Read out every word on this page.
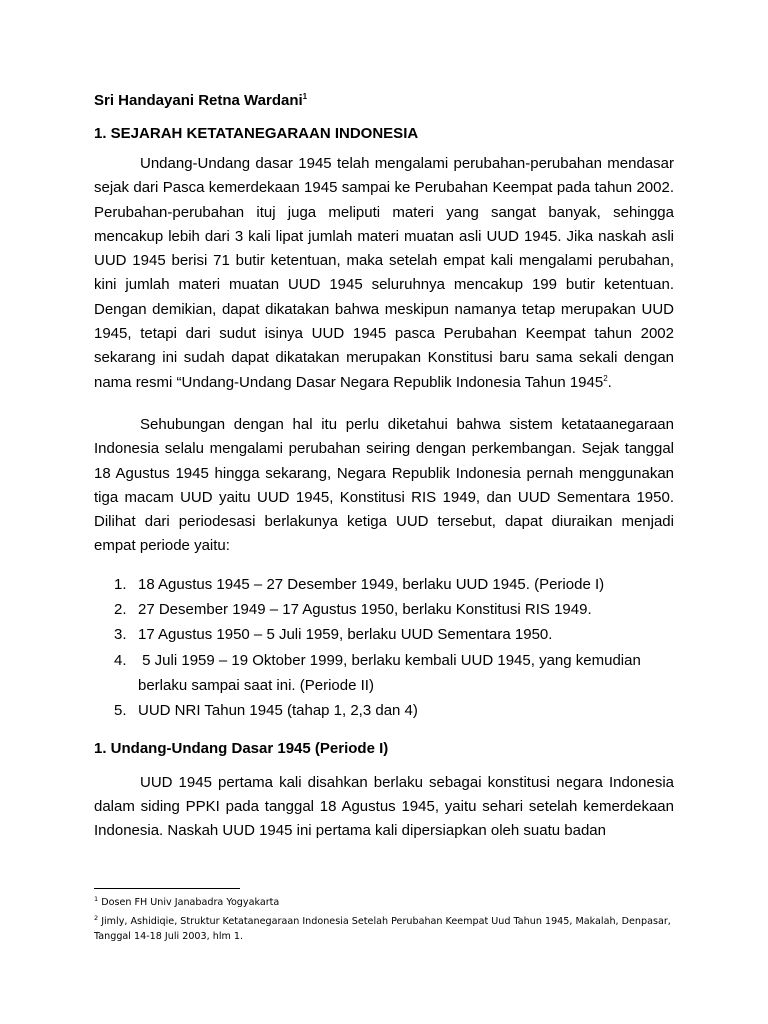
Sri Handayani Retna Wardani$^1$

1. SEJARAH KETATANEGARAAN INDONESIA

Undang-Undang dasar 1945 telah mengalami perubahan-perubahan mendasar sejak dari Pasca kemerdekaan 1945 sampai ke Perubahan Keempat pada tahun 2002. Perubahan-perubahan ituj juga meliputi materi yang sangat banyak, sehingga mencakup lebih dari 3 kali lipat jumlah materi muatan asli UUD 1945. Jika naskah asli UUD 1945 berisi 71 butir ketentuan, maka setelah empat kali mengalami perubahan, kini jumlah materi muatan UUD 1945 seluruhnya mencakup 199 butir ketentuan. Dengan demikian, dapat dikatakan bahwa meskipun namanya tetap merupakan UUD 1945, tetapi dari sudut isinya UUD 1945 pasca Perubahan Keempat tahun 2002 sekarang ini sudah dapat dikatakan merupakan Konstitusi baru sama sekali dengan nama resmi “Undang-Undang Dasar Negara Republik Indonesia Tahun 1945$^2$.

Sehubungan dengan hal itu perlu diketahui bahwa sistem ketataanegaraan Indonesia selalu mengalami perubahan seiring dengan perkembangan. Sejak tanggal 18 Agustus 1945 hingga sekarang, Negara Republik Indonesia pernah menggunakan tiga macam UUD yaitu UUD 1945, Konstitusi RIS 1949, dan UUD Sementara 1950. Dilihat dari periodesasi berlakunya ketiga UUD tersebut, dapat diuraikan menjadi empat periode yaitu:

1. 18 Agustus 1945 – 27 Desember 1949, berlaku UUD 1945. (Periode I)
2. 27 Desember 1949 – 17 Agustus 1950, berlaku Konstitusi RIS 1949.
3. 17 Agustus 1950 – 5 Juli 1959, berlaku UUD Sementara 1950.
4. 5 Juli 1959 – 19 Oktober 1999, berlaku kembali UUD 1945, yang kemudian berlaku sampai saat ini. (Periode II)
5. UUD NRI Tahun 1945 (tahap 1, 2,3 dan 4)

1. Undang-Undang Dasar 1945 (Periode I)

UUD 1945 pertama kali disahkan berlaku sebagai konstitusi negara Indonesia dalam siding PPKI pada tanggal 18 Agustus 1945, yaitu sehari setelah kemerdekaan Indonesia. Naskah UUD 1945 ini pertama kali dipersiapkan oleh suatu badan

$^1$ Dosen FH Univ Janabadra Yogyakarta

$^2$ Jimly, Ashidiqie, Struktur Ketatanegaraan Indonesia Setelah Perubahan Keempat Uud Tahun 1945, Makalah, Denpasar, Tanggal 14-18 Juli 2003, hlm 1.
